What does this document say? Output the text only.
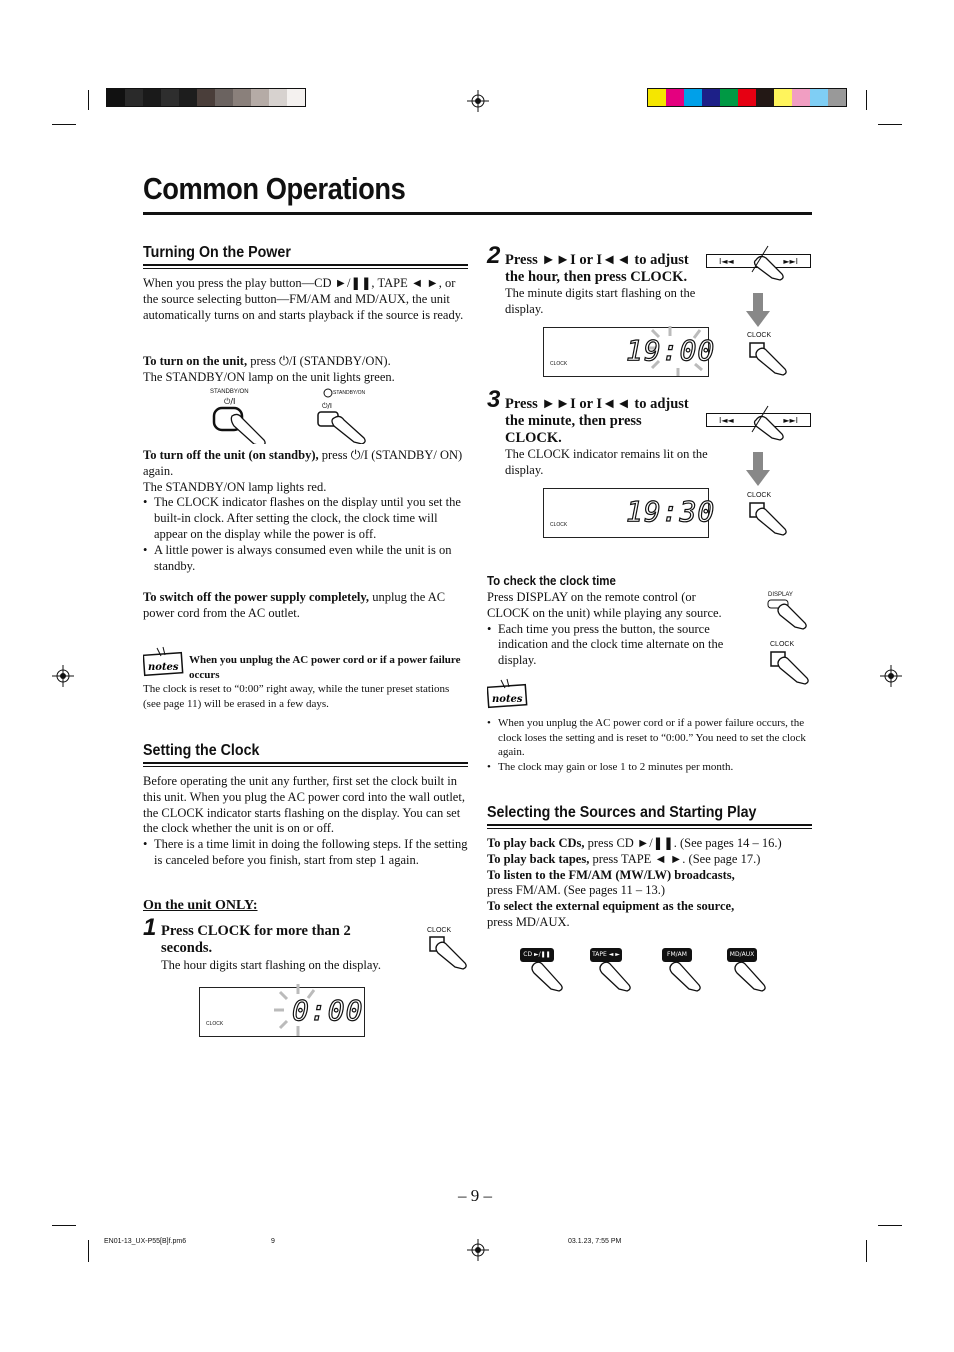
Common Operations
Turning On the Power
When you press the play button—CD ►/❚❚, TAPE ◄ ►, or the source selecting button—FM/AM and MD/AUX, the unit automatically turns on and starts playback if the source is ready.
To turn on the unit, press ⏻/I (STANDBY/ON).
The STANDBY/ON lamp on the unit lights green.
STANDBY/ON
⏻/I
STANDBY/ON
⏻/I
To turn off the unit (on standby), press ⏻/I (STANDBY/ ON) again.
The STANDBY/ON lamp lights red.
• The CLOCK indicator flashes on the display until you set the built-in clock. After setting the clock, the clock time will appear on the display while the power is off.
• A little power is always consumed even while the unit is on standby.
To switch off the power supply completely, unplug the AC power cord from the AC outlet.
notes
When you unplug the AC power cord or if a power failure occurs
The clock is reset to “0:00” right away, while the tuner preset stations (see page 11) will be erased in a few days.
Setting the Clock
Before operating the unit any further, first set the clock built in this unit. When you plug the AC power cord into the wall outlet, the CLOCK indicator starts flashing on the display. You can set the clock whether the unit is on or off.
• There is a time limit in doing the following steps. If the setting is canceled before you finish, start from step 1 again.
On the unit ONLY:
1 Press CLOCK for more than 2 seconds.
The hour digits start flashing on the display.
CLOCK
CLOCK 0:00
2 Press ►►I or I◄◄ to adjust
the hour, then press CLOCK.
The minute digits start flashing on the display.
I◄◄	►►I
CLOCK
CLOCK 19:00
3 Press ►►I or I◄◄ to adjust
the minute, then press
CLOCK.
The CLOCK indicator remains lit on the display.
I◄◄	►►I
CLOCK
CLOCK 19:30
To check the clock time
Press DISPLAY on the remote control (or CLOCK on the unit) while playing any source.
• Each time you press the button, the source indication and the clock time alternate on the display.
DISPLAY
CLOCK
notes
• When you unplug the AC power cord or if a power failure occurs, the clock loses the setting and is reset to “0:00.” You need to set the clock again.
• The clock may gain or lose 1 to 2 minutes per month.
Selecting the Sources and Starting Play
To play back CDs, press CD ►/❚❚. (See pages 14 – 16.)
To play back tapes, press TAPE ◄ ►. (See page 17.)
To listen to the FM/AM (MW/LW) broadcasts,
press FM/AM. (See pages 11 – 13.)
To select the external equipment as the source,
press MD/AUX.
CD ►/❚❚	TAPE ◄ ►	FM/AM	MD/AUX
– 9 –
EN01-13_UX-P55[B]f.pm6	9	03.1.23, 7:55 PM
